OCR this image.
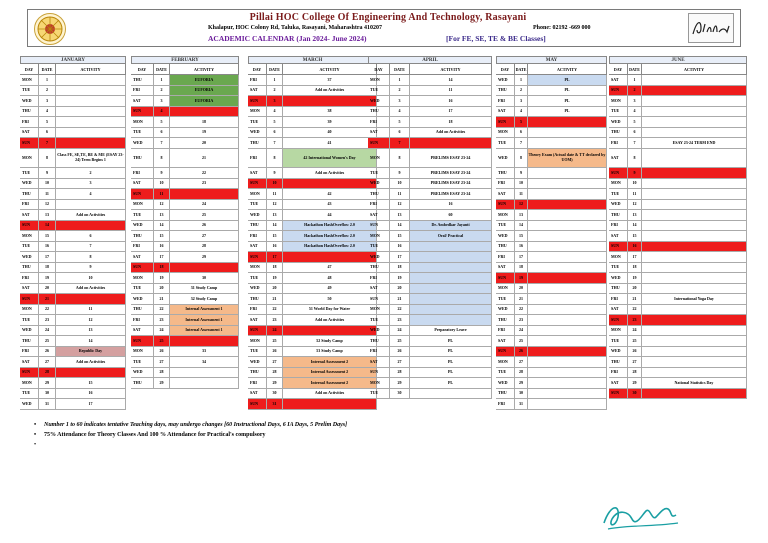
Pillai HOC College Of Engineering And Technology, Rasayani
Khalapur, HOC Colony Rd, Taluka, Rasayani, Maharashtra 410207	Phone: 02192 -669 000
ACADEMIC CALENDAR (Jan 2024- June 2024)	[For FE, SE, TE & BE Classes]
JANUARY
DAY	DATE	ACTIVITY
MON	1
TUE	2
WED	3
THU	4
FRI	5
SAT	6
SUN	7
MON	8	Class FE, SE,TE, BE & ME (ESAY 23-24) Term Begins 1
TUE	9	2
WED	10	3
THU	11	4
FRI	12
SAT	13	Add on Activities
SUN	14
MON	15	6
TUE	16	7
WED	17	8
THU	18	9
FRI	19	10
SAT	20	Add on Activities
SUN	21
MON	22	11
TUE	23	12
WED	24	13
THU	25	14
FRI	26	Republic Day
SAT	27	Add on Activities
SUN	28
MON	29	15
TUE	30	16
WED	31	17
FEBRUARY
DAY	DATE	ACTIVITY
THU	1	EUFORIA
FRI	2	EUFORIA
SAT	3	EUFORIA
SUN	4
MON	5	18
TUE	6	19
WED	7	20
THU	8	21
FRI	9	22
SAT	10	23
SUN	11
MON	12	24
TUE	13	25
WED	14	26
THU	15	27
FRI	16	28
SAT	17	29
SUN	18
MON	19	30
TUE	20	31 Study Camp
WED	21	32 Study Camp
THU	22	Internal Assessment 1
FRI	23	Internal Assessment 1
SAT	24	Internal Assessment 1
SUN	25
MON	26	33
TUE	27	34
WED	28
THU	29
MARCH
DAY	DATE	ACTIVITY
FRI	1	37
SAT	2	Add on Activities
SUN	3
MON	4	38
TUE	5	39
WED	6	40
THU	7	41
FRI	8	42 International Women's Day
SAT	9	Add on Activities
SUN	10
MON	11	42
TUE	12	43
WED	13	44
THU	14	Hackathon HashOverflow 2.0
FRI	15	Hackathon HashOverflow 2.0
SAT	16	Hackathon HashOverflow 2.0
SUN	17
MON	18	47
TUE	19	48
WED	20	49
THU	21	50
FRI	22	51 World Day for Water
SAT	23	Add on Activities
SUN	24
MON	25	52 Study Camp
TUE	26	53 Study Camp
WED	27	Internal Assessment 2
THU	28	Internal Assessment 2
FRI	29	Internal Assessment 2
SAT	30	Add on Activities
SUN	31
APRIL
DAY	DATE	ACTIVITY
MON	1	14
TUE	2	11
WED	3	16
THU	4	17
FRI	5	18
SAT	6	Add on Activities
SUN	7
MON	8	PRELIMS ESAY 23-24
TUE	9	PRELIMS ESAY 23-24
WED	10	PRELIMS ESAY 23-24
THU	11	PRELIMS ESAY 23-24
FRI	12	16
SAT	13	60
SUN	14	Dr. Ambedkar Jayanti
MON	15	Oral/ Practical
TUE	16
WED	17
THU	18
FRI	19
SAT	20
SUN	21
MON	22
TUE	23
WED	24	Preparatory Leave
THU	25	PL
FRI	26	PL
SAT	27	PL
SUN	28	PL
MON	29	PL
TUE	30
MAY
DAY	DATE	ACTIVITY
WED	1	PL
THU	2	PL
FRI	3	PL
SAT	4	PL
SUN	5
MON	6
TUE	7
WED	8	Theory Exam (Actual date & TT declared by UOM)
THU	9
FRI	10
SAT	11
SUN	12
MON	13
TUE	14
WED	15
THU	16
FRI	17
SAT	18
SUN	19
MON	20
TUE	21
WED	22
THU	23
FRI	24
SAT	25
SUN	26
MON	27
TUE	28
WED	29
THU	30
FRI	31
JUNE
DAY	DATE	ACTIVITY
SAT	1
SUN	2
MON	3
TUE	4
WED	5
THU	6
FRI	7	ESAY 23-24 TERM END
SAT	8
SUN	9
MON	10
TUE	11
WED	12
THU	13
FRI	14
SAT	15
SUN	16
MON	17
TUE	18
WED	19
THU	20
FRI	21	International Yoga Day
SAT	22
SUN	23
MON	24
TUE	25
WED	26
THU	27
FRI	28
SAT	29	National Statistics Day
SUN	30
• Number 1 to 60 indicates tentative Teaching days, may undergo changes [60 Instructional Days, 6 IA Days, 5 Prelim Days]
• 75% Attendance for Theory Classes And 100 % Attendance for Practical's compulsory
